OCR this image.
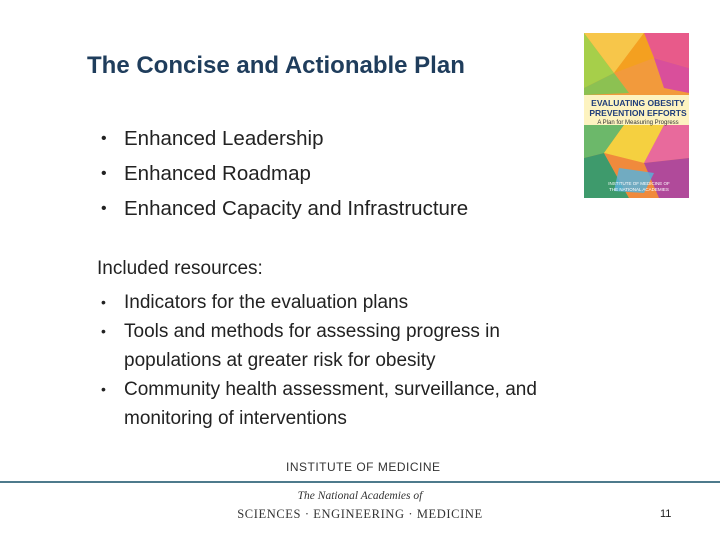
The Concise and Actionable Plan
• Enhanced Leadership
• Enhanced Roadmap
• Enhanced Capacity and Infrastructure
Included resources:
• Indicators for the evaluation plans
• Tools and methods for assessing progress in populations at greater risk for obesity
• Community health assessment, surveillance, and monitoring of interventions
EVALUATING OBESITY
PREVENTION EFFORTS
A Plan for Measuring Progress
INSTITUTE OF MEDICINE OF THE NATIONAL ACADEMIES
INSTITUTE OF MEDICINE
The National Academies of
SCIENCES · ENGINEERING · MEDICINE	11
